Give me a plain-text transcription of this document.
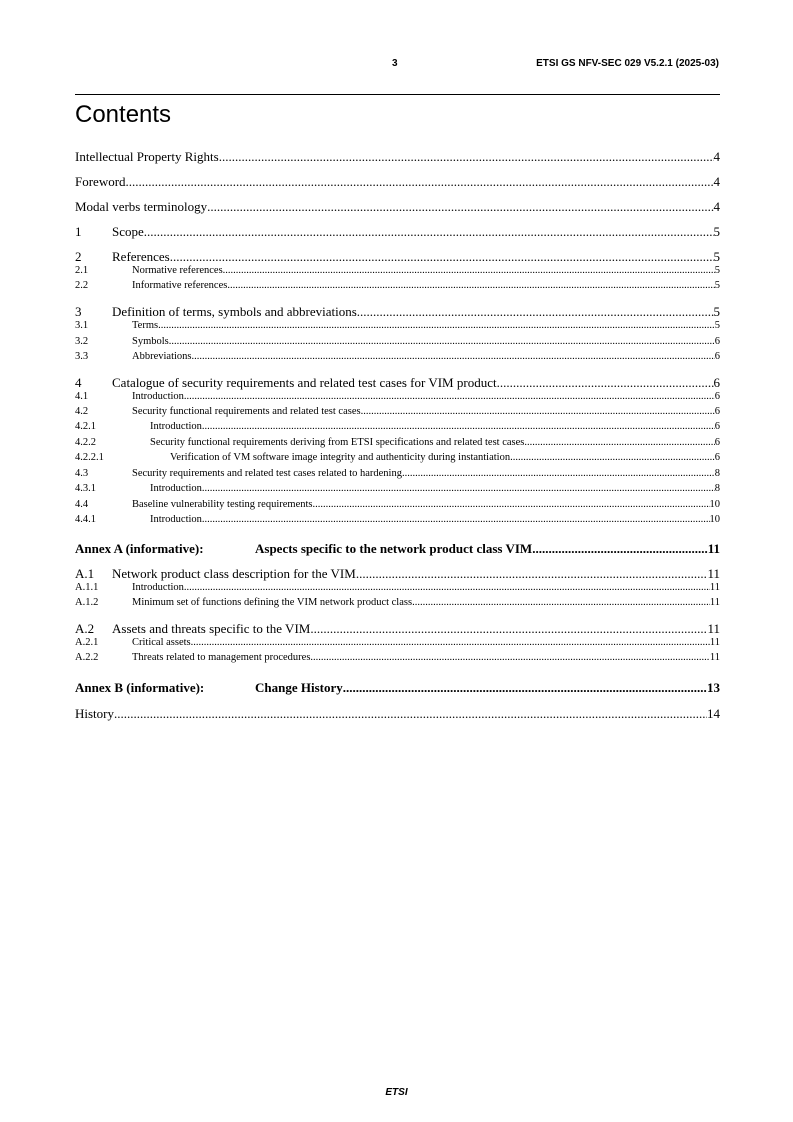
3	ETSI GS NFV-SEC 029 V5.2.1 (2025-03)
Contents
Intellectual Property Rights .....	4
Foreword .....	4
Modal verbs terminology .....	4
1	Scope .....	5
2	References .....	5
2.1	Normative references .....	5
2.2	Informative references .....	5
3	Definition of terms, symbols and abbreviations .....	5
3.1	Terms .....	5
3.2	Symbols .....	6
3.3	Abbreviations .....	6
4	Catalogue of security requirements and related test cases for VIM product .....	6
4.1	Introduction .....	6
4.2	Security functional requirements and related test cases .....	6
4.2.1	Introduction .....	6
4.2.2	Security functional requirements deriving from ETSI specifications and related test cases .....	6
4.2.2.1	Verification of VM software image integrity and authenticity during instantiation .....	6
4.3	Security requirements and related test cases related to hardening .....	8
4.3.1	Introduction .....	8
4.4	Baseline vulnerability testing requirements .....	10
4.4.1	Introduction .....	10
Annex A (informative):	Aspects specific to the network product class VIM .....	11
A.1	Network product class description for the VIM .....	11
A.1.1	Introduction .....	11
A.1.2	Minimum set of functions defining the VIM network product class .....	11
A.2	Assets and threats specific to the VIM .....	11
A.2.1	Critical assets .....	11
A.2.2	Threats related to management procedures .....	11
Annex B (informative):	Change History .....	13
History .....	14
ETSI
